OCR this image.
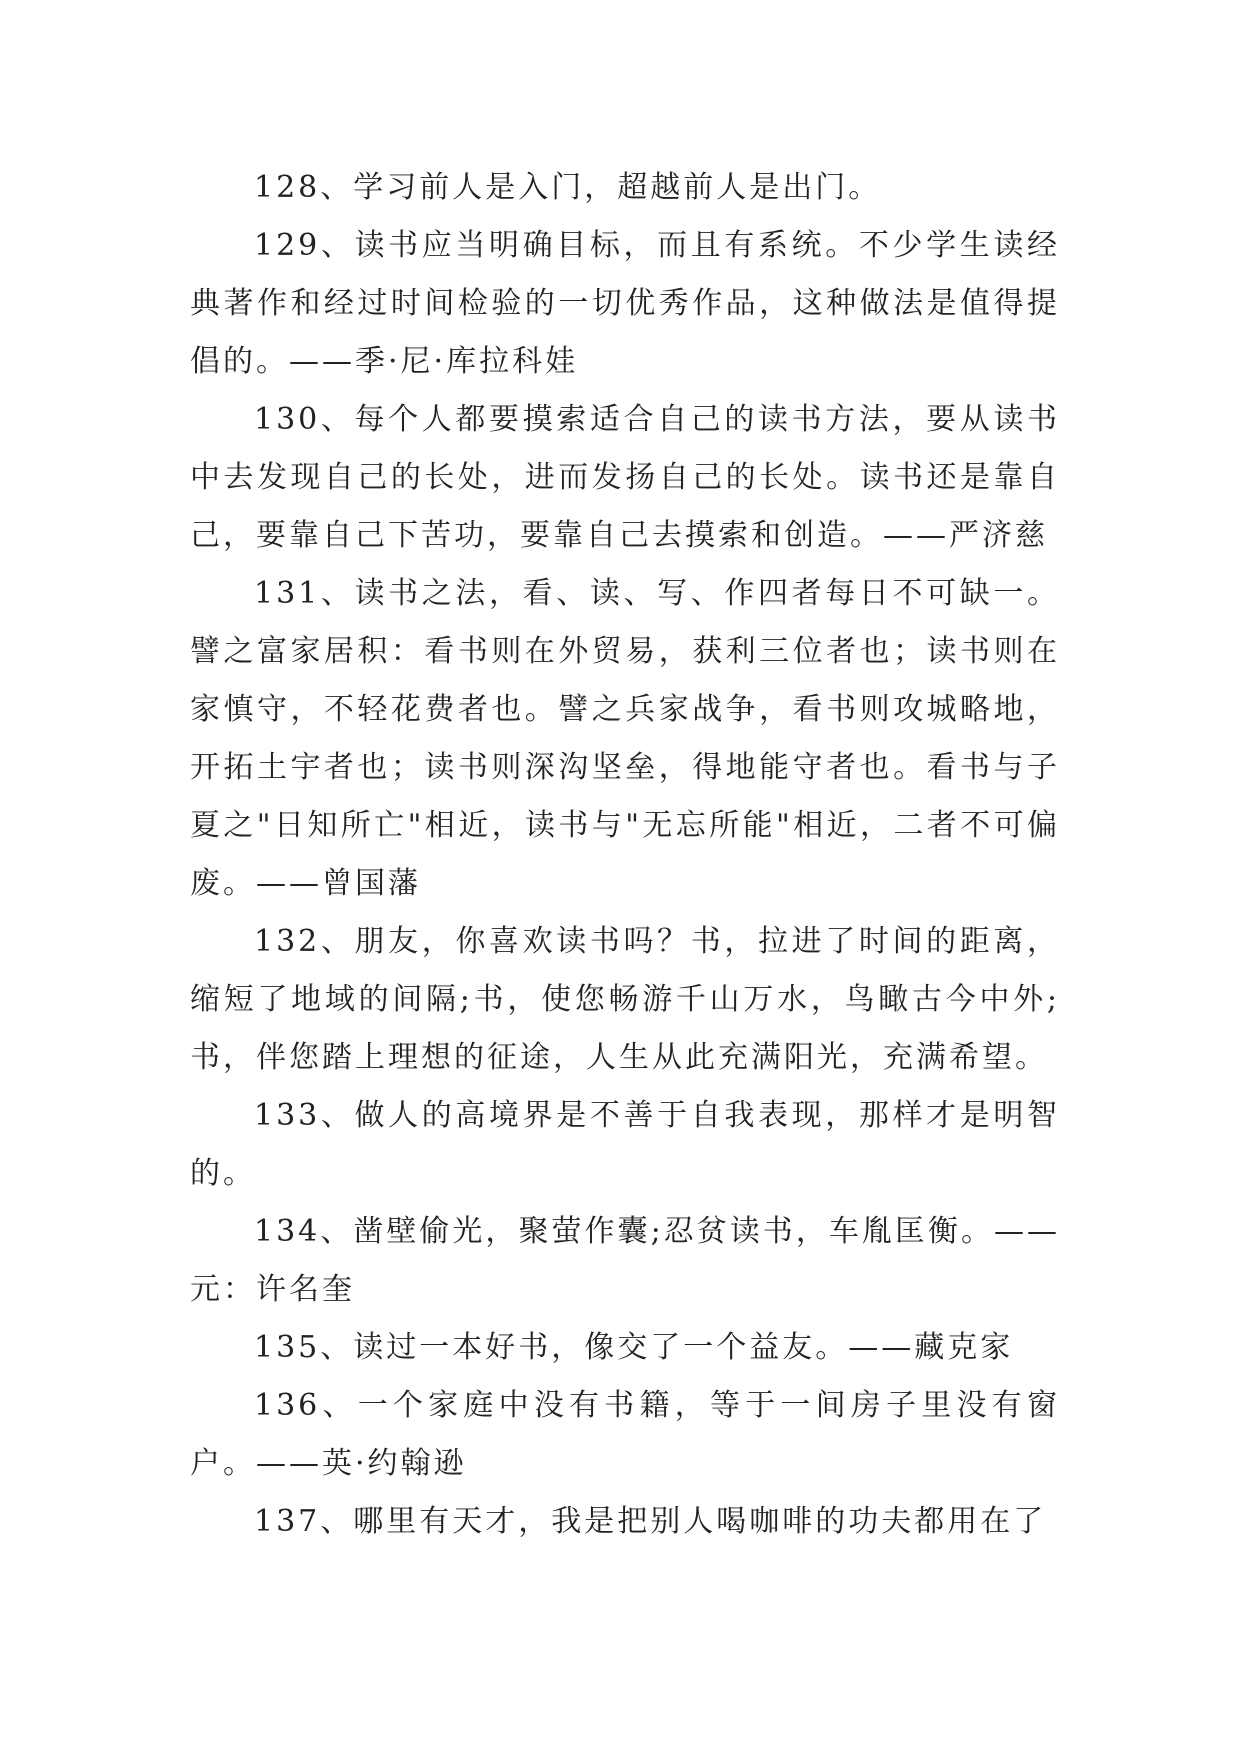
128、学习前人是入门，超越前人是出门。

129、读书应当明确目标，而且有系统。不少学生读经典著作和经过时间检验的一切优秀作品，这种做法是值得提倡的。——季·尼·库拉科娃

130、每个人都要摸索适合自己的读书方法，要从读书中去发现自己的长处，进而发扬自己的长处。读书还是靠自己，要靠自己下苦功，要靠自己去摸索和创造。——严济慈

131、读书之法，看、读、写、作四者每日不可缺一。譬之富家居积：看书则在外贸易，获利三位者也；读书则在家慎守，不轻花费者也。譬之兵家战争，看书则攻城略地，开拓土宇者也；读书则深沟坚垒，得地能守者也。看书与子夏之"日知所亡"相近，读书与"无忘所能"相近，二者不可偏废。——曾国藩

132、朋友，你喜欢读书吗？书，拉进了时间的距离，缩短了地域的间隔;书，使您畅游千山万水，鸟瞰古今中外;书，伴您踏上理想的征途，人生从此充满阳光，充满希望。

133、做人的高境界是不善于自我表现，那样才是明智的。

134、凿壁偷光，聚萤作囊;忍贫读书，车胤匡衡。——元：许名奎

135、读过一本好书，像交了一个益友。——藏克家

136、一个家庭中没有书籍，等于一间房子里没有窗户。——英·约翰逊

137、哪里有天才，我是把别人喝咖啡的功夫都用在了
